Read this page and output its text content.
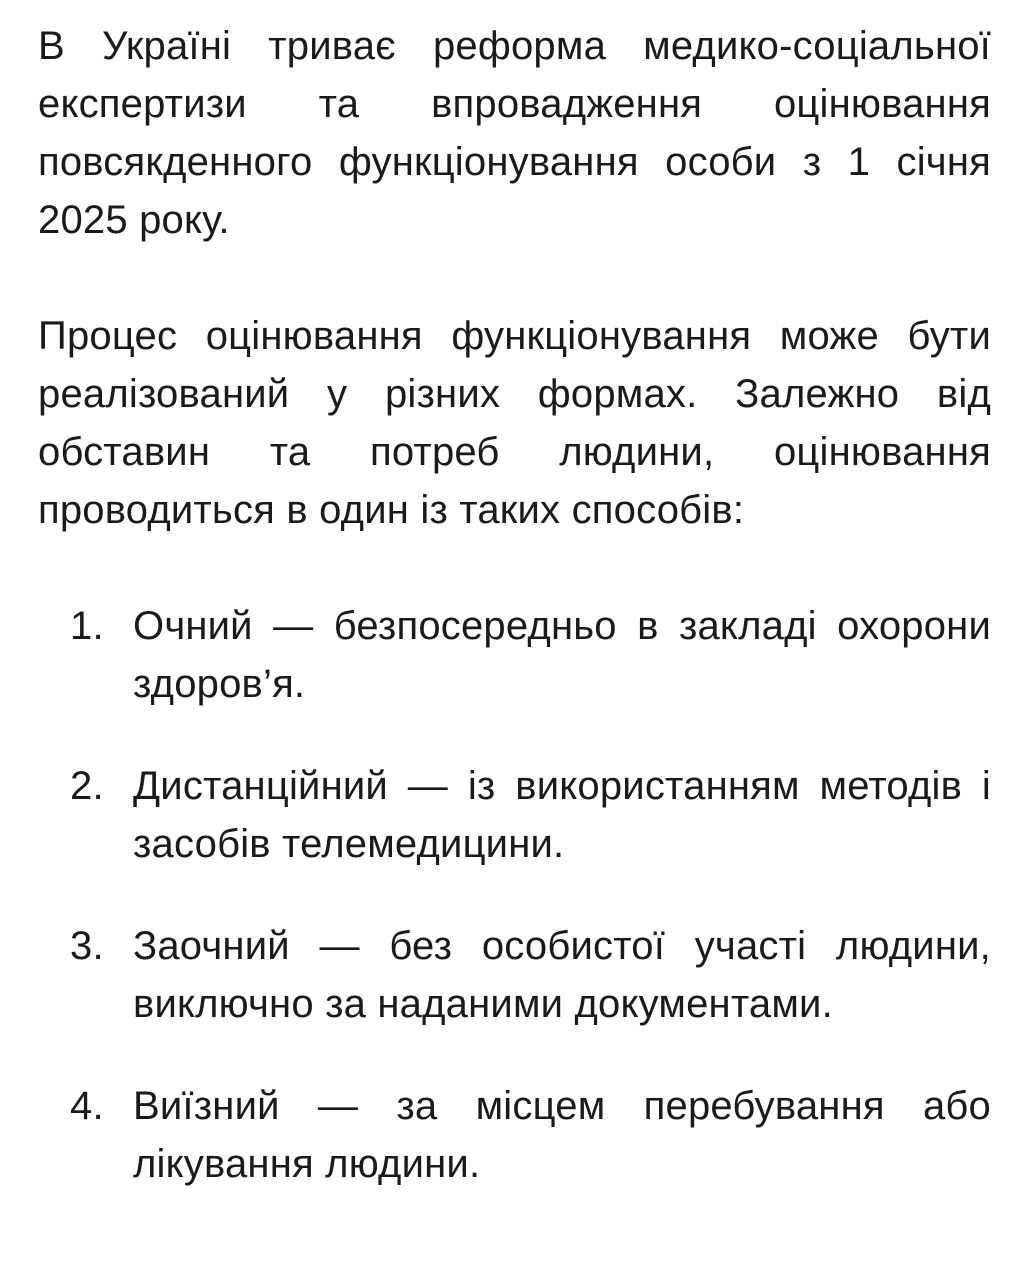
В Україні триває реформа медико-соціальної експертизи та впровадження оцінювання повсякденного функціонування особи з 1 січня 2025 року.

Процес оцінювання функціонування може бути реалізований у різних формах. Залежно від обставин та потреб людини, оцінювання проводиться в один із таких способів:

1. Очний — безпосередньо в закладі охорони здоров’я.
2. Дистанційний — із використанням методів і засобів телемедицини.
3. Заочний — без особистої участі людини, виключно за наданими документами.
4. Виїзний — за місцем перебування або лікування людини.
